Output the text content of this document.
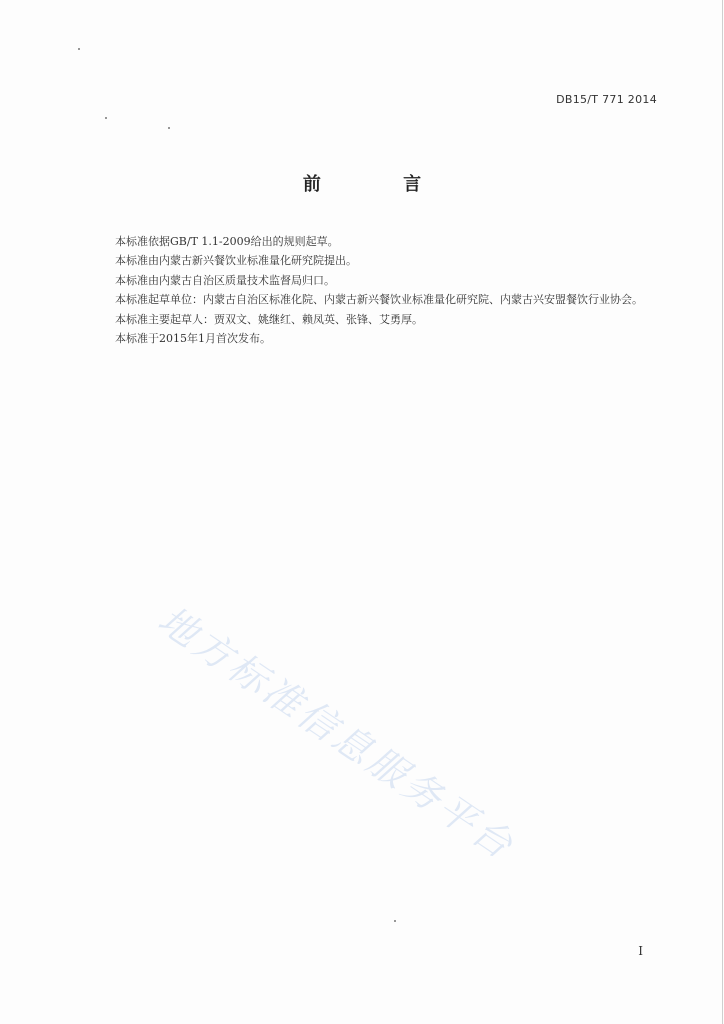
DB15/T 771 2014
前 言

本标准依据GB/T 1.1-2009给出的规则起草。

本标准由内蒙古新兴餐饮业标准量化研究院提出。

本标准由内蒙古自治区质量技术监督局归口。

本标准起草单位：内蒙古自治区标准化院、内蒙古新兴餐饮业标准量化研究院、内蒙古兴安盟餐饮行业协会。

本标准主要起草人：贾双文、姚继红、赖凤英、张锋、艾勇厚。

本标准于2015年1月首次发布。

地方标准信息服务平台
I
